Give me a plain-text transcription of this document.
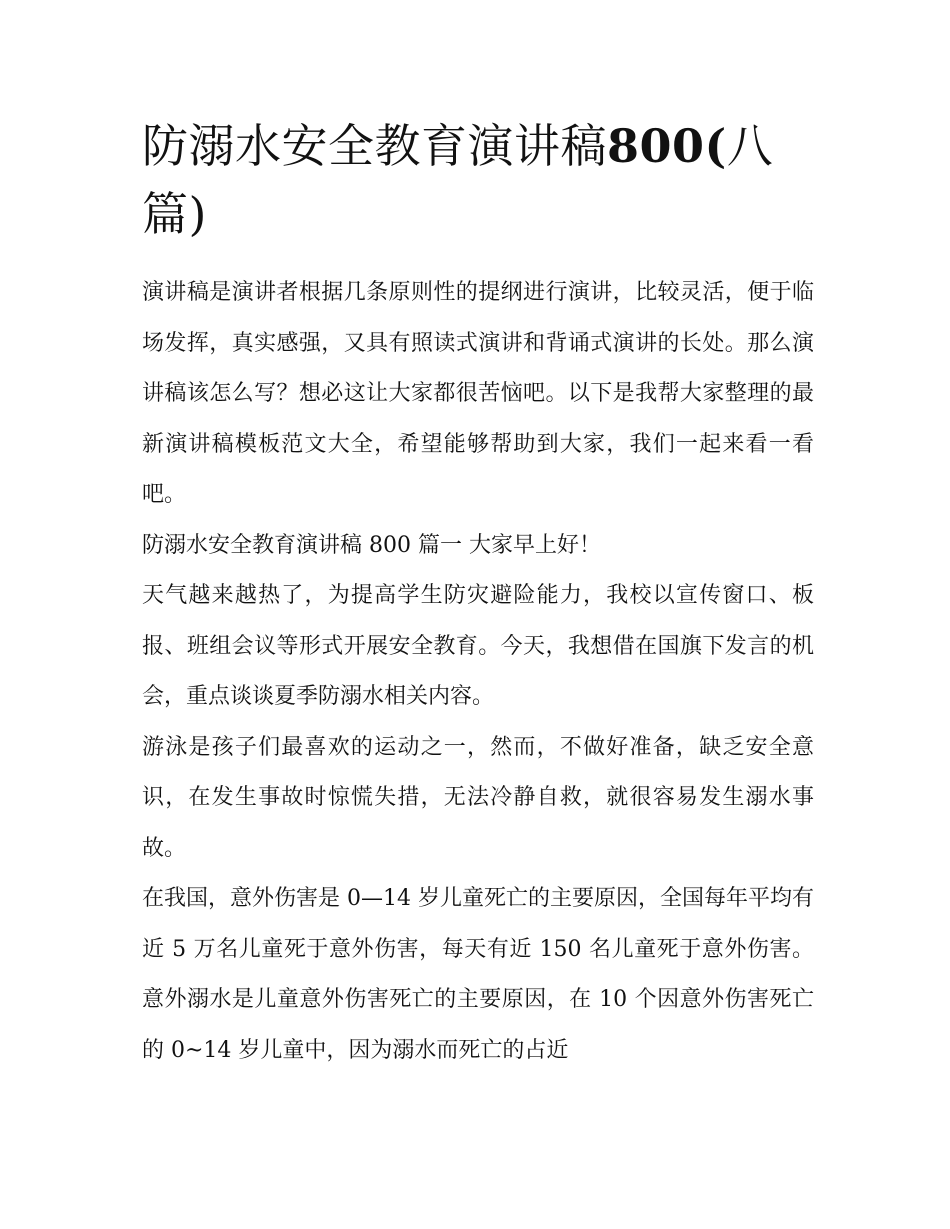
防溺水安全教育演讲稿800(八篇)

演讲稿是演讲者根据几条原则性的提纲进行演讲，比较灵活，便于临场发挥，真实感强，又具有照读式演讲和背诵式演讲的长处。那么演讲稿该怎么写？想必这让大家都很苦恼吧。以下是我帮大家整理的最新演讲稿模板范文大全，希望能够帮助到大家，我们一起来看一看吧。

防溺水安全教育演讲稿 800 篇一 大家早上好！

天气越来越热了，为提高学生防灾避险能力，我校以宣传窗口、板报、班组会议等形式开展安全教育。今天，我想借在国旗下发言的机会，重点谈谈夏季防溺水相关内容。

游泳是孩子们最喜欢的运动之一，然而，不做好准备，缺乏安全意识，在发生事故时惊慌失措，无法冷静自救，就很容易发生溺水事故。

在我国，意外伤害是 0—14 岁儿童死亡的主要原因，全国每年平均有近 5 万名儿童死于意外伤害，每天有近 150 名儿童死于意外伤害。意外溺水是儿童意外伤害死亡的主要原因，在 10 个因意外伤害死亡的 0~14 岁儿童中，因为溺水而死亡的占近
